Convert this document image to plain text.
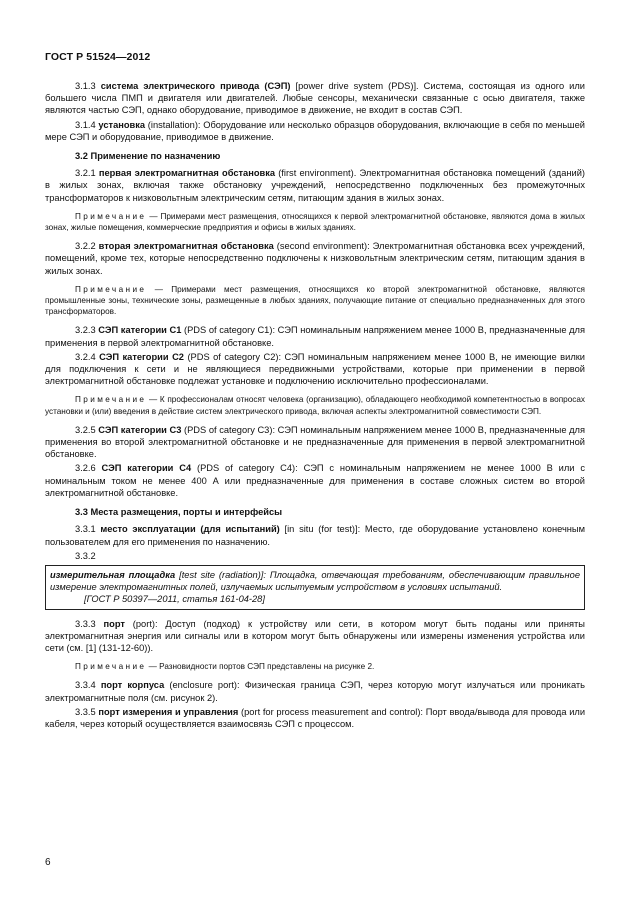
ГОСТ Р 51524—2012

3.1.3 система электрического привода (СЭП) [power drive system (PDS)]. Система, состоящая из одного или большего числа ПМП и двигателя или двигателей. Любые сенсоры, механически связанные с осью двигателя, также являются частью СЭП, однако оборудование, приводимое в движение, не входит в состав СЭП.

3.1.4 установка (installation): Оборудование или несколько образцов оборудования, включающие в себя по меньшей мере СЭП и оборудование, приводимое в движение.

3.2 Применение по назначению

3.2.1 первая электромагнитная обстановка (first environment). Электромагнитная обстановка помещений (зданий) в жилых зонах, включая также обстановку учреждений, непосредственно подключенных без промежуточных трансформаторов к низковольтным электрическим сетям, питающим здания в жилых зонах.

Примечание — Примерами мест размещения, относящихся к первой электромагнитной обстановке, являются дома в жилых зонах, жилые помещения, коммерческие предприятия и офисы в жилых зданиях.

3.2.2 вторая электромагнитная обстановка (second environment): Электромагнитная обстановка всех учреждений, помещений, кроме тех, которые непосредственно подключены к низковольтным электрическим сетям, питающим здания в жилых зонах.

Примечание — Примерами мест размещения, относящихся ко второй электромагнитной обстановке, являются промышленные зоны, технические зоны, размещенные в любых зданиях, получающие питание от специально предназначенных для этого трансформаторов.

3.2.3 СЭП категории С1 (PDS of category C1): СЭП номинальным напряжением менее 1000 В, предназначенные для применения в первой электромагнитной обстановке.

3.2.4 СЭП категории С2 (PDS of category C2): СЭП номинальным напряжением менее 1000 В, не имеющие вилки для подключения к сети и не являющиеся передвижными устройствами, которые при применении в первой электромагнитной обстановке подлежат установке и подключению исключительно профессионалами.

Примечание — К профессионалам относят человека (организацию), обладающего необходимой компетентностью в вопросах установки и (или) введения в действие систем электрического привода, включая аспекты электромагнитной совместимости СЭП.

3.2.5 СЭП категории С3 (PDS of category C3): СЭП номинальным напряжением менее 1000 В, предназначенные для применения во второй электромагнитной обстановке и не предназначенные для применения в первой электромагнитной обстановке.

3.2.6 СЭП категории С4 (PDS of category C4): СЭП с номинальным напряжением не менее 1000 В или с номинальным током не менее 400 А или предназначенные для применения в составе сложных систем во второй электромагнитной обстановке.

3.3 Места размещения, порты и интерфейсы

3.3.1 место эксплуатации (для испытаний) [in situ (for test)]: Место, где оборудование установлено конечным пользователем для его применения по назначению.

3.3.2

измерительная площадка [test site (radiation)]: Площадка, отвечающая требованиям, обеспечивающим правильное измерение электромагнитных полей, излучаемых испытуемым устройством в условиях испытаний.
[ГОСТ Р 50397—2011, статья 161-04-28]

3.3.3 порт (port): Доступ (подход) к устройству или сети, в котором могут быть поданы или приняты электромагнитная энергия или сигналы или в котором могут быть обнаружены или измерены изменения устройства или сети (см. [1] (131-12-60)).

Примечание — Разновидности портов СЭП представлены на рисунке 2.

3.3.4 порт корпуса (enclosure port): Физическая граница СЭП, через которую могут излучаться или проникать электромагнитные поля (см. рисунок 2).

3.3.5 порт измерения и управления (port for process measurement and control): Порт ввода/вывода для провода или кабеля, через который осуществляется взаимосвязь СЭП с процессом.

6
